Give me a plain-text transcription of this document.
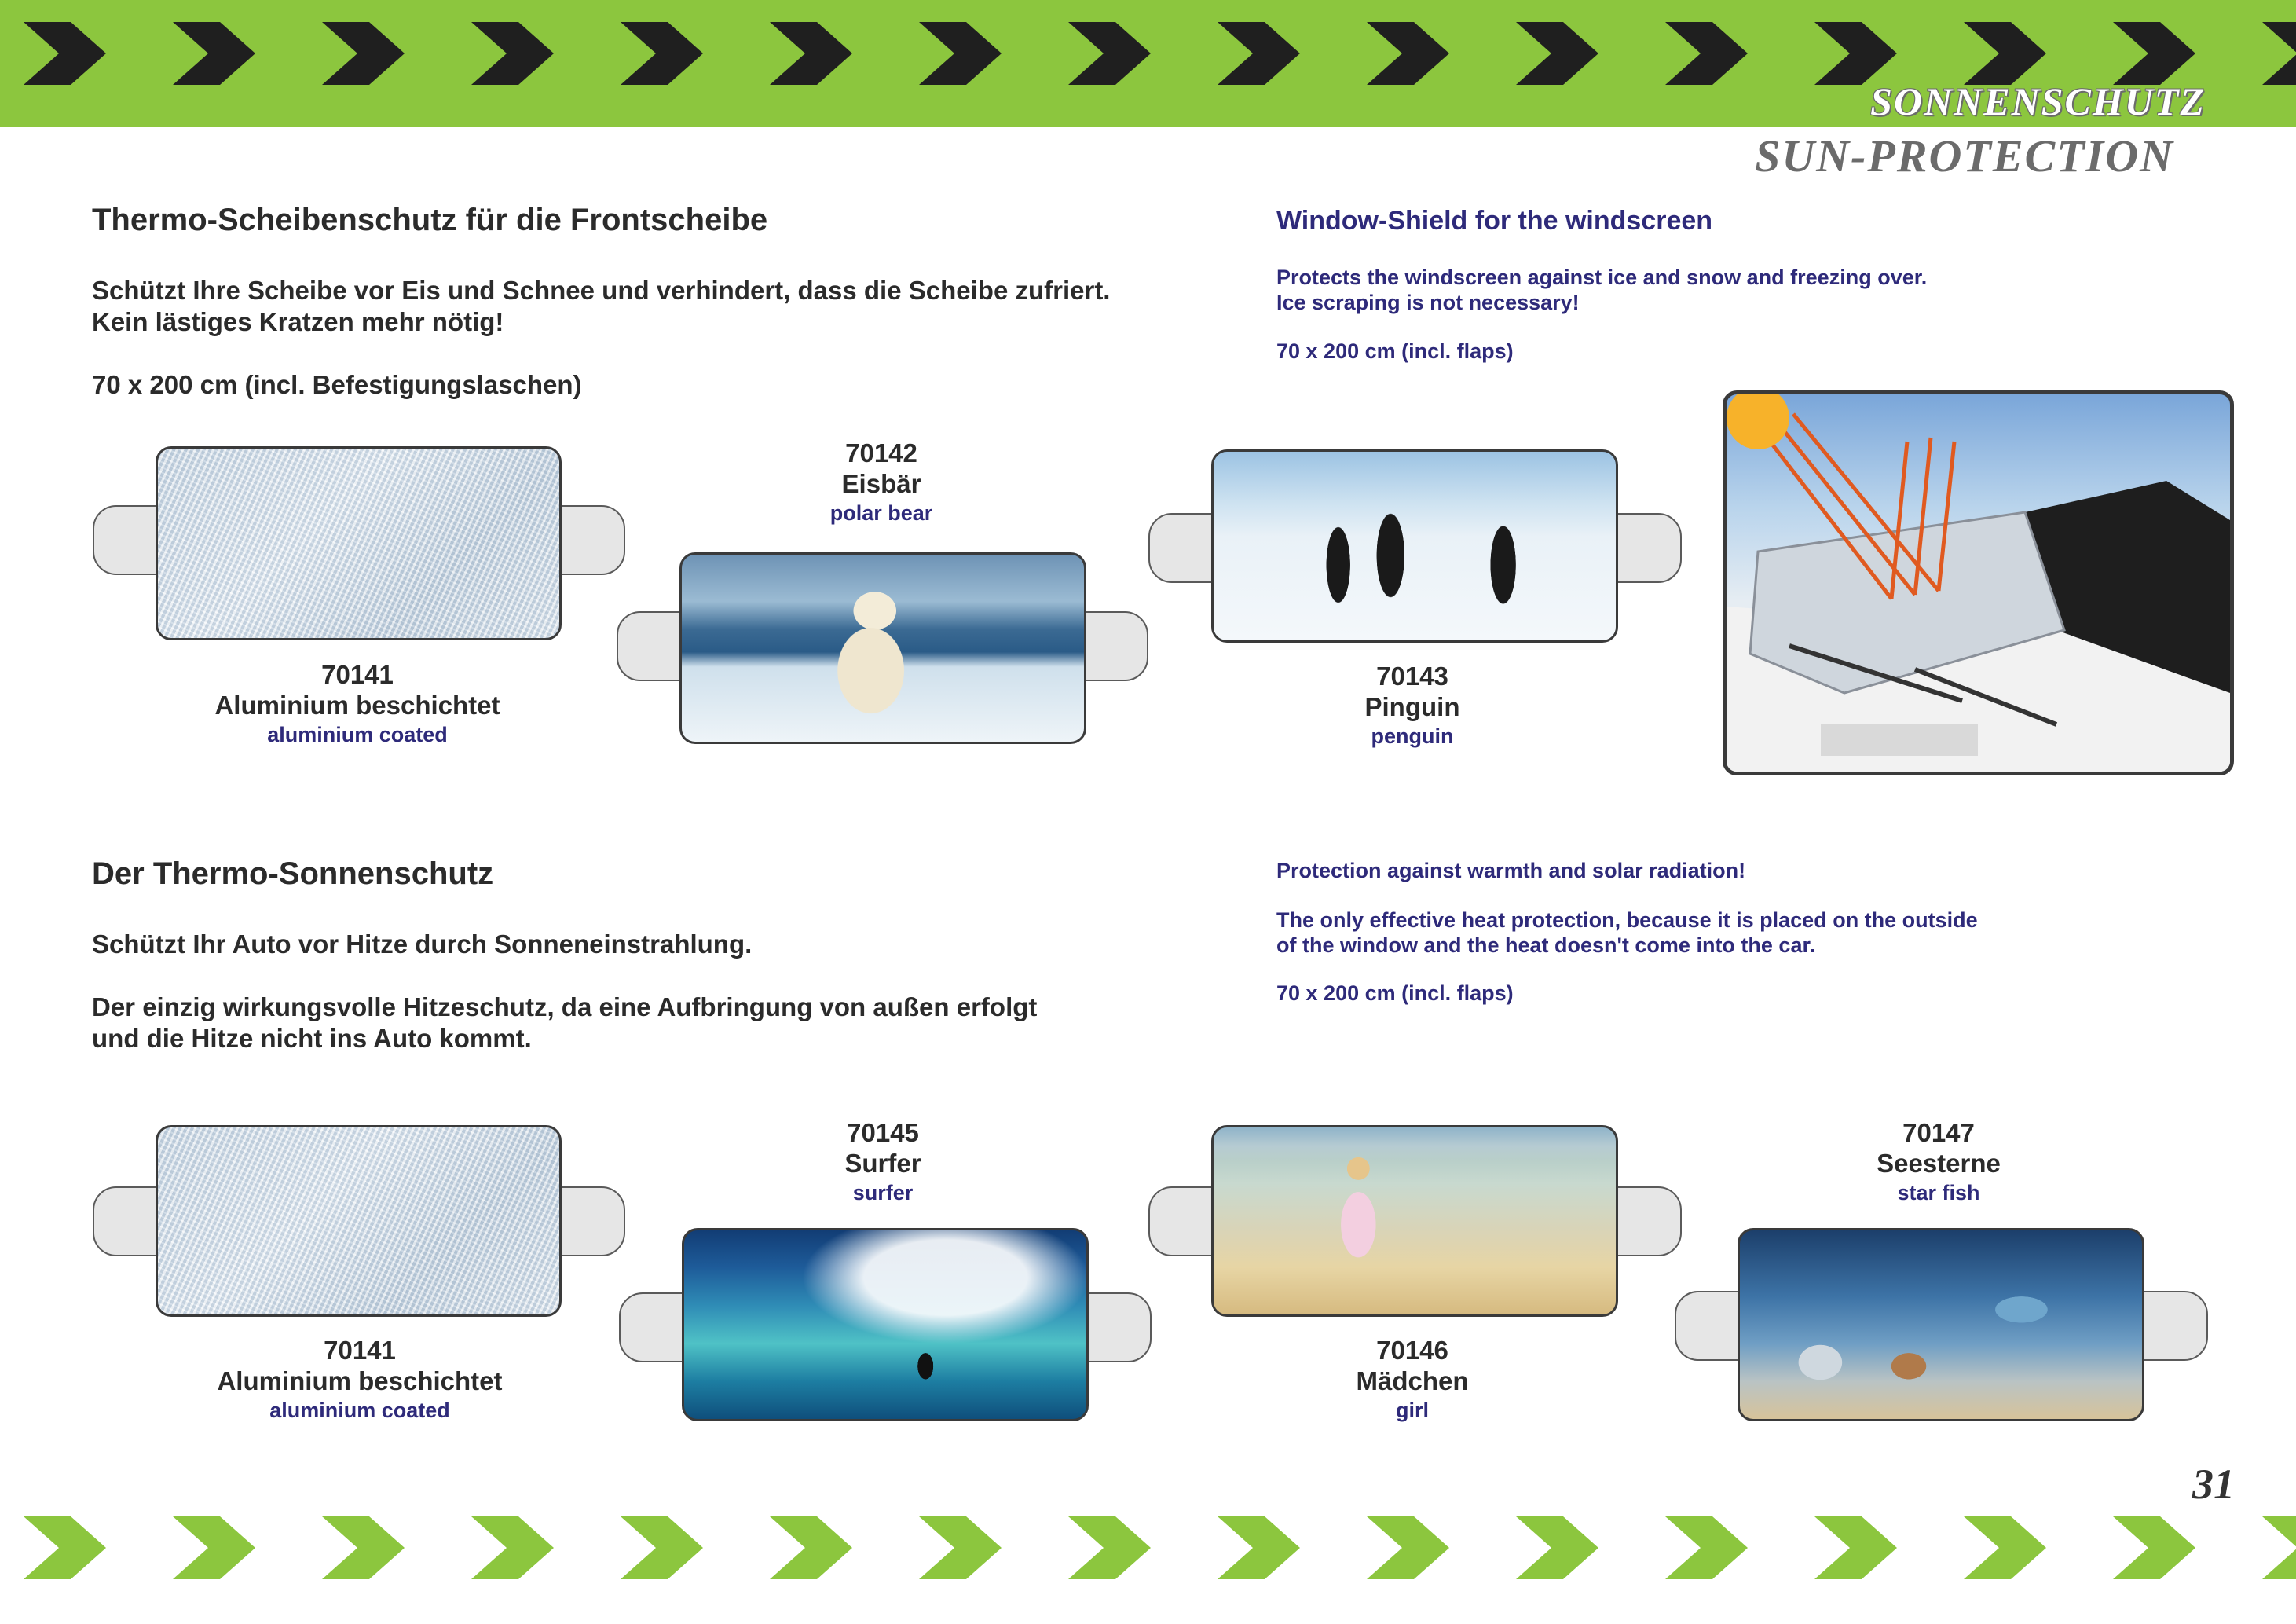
SONNENSCHUTZ
SUN-PROTECTION
Thermo-Scheibenschutz für die Frontscheibe
Schützt Ihre Scheibe vor Eis und Schnee und verhindert, dass die Scheibe zufriert.
Kein lästiges Kratzen mehr nötig!
70 x 200 cm (incl. Befestigungslaschen)
Window-Shield for the windscreen
Protects the windscreen against ice and snow and freezing over.
Ice scraping is not necessary!
70 x 200 cm (incl. flaps)
70141
Aluminium beschichtet
aluminium coated
70142
Eisbär
polar bear
70143
Pinguin
penguin
Der Thermo-Sonnenschutz
Schützt Ihr Auto vor Hitze durch Sonneneinstrahlung.
Der einzig wirkungsvolle Hitzeschutz, da eine Aufbringung von außen erfolgt
und die Hitze nicht ins Auto kommt.
Protection against warmth and solar radiation!
The only effective heat protection, because it is placed on the outside
of the window and the heat doesn't come into the car.
70 x 200 cm (incl. flaps)
70141
Aluminium beschichtet
aluminium coated
70145
Surfer
surfer
70146
Mädchen
girl
70147
Seesterne
star fish
31
